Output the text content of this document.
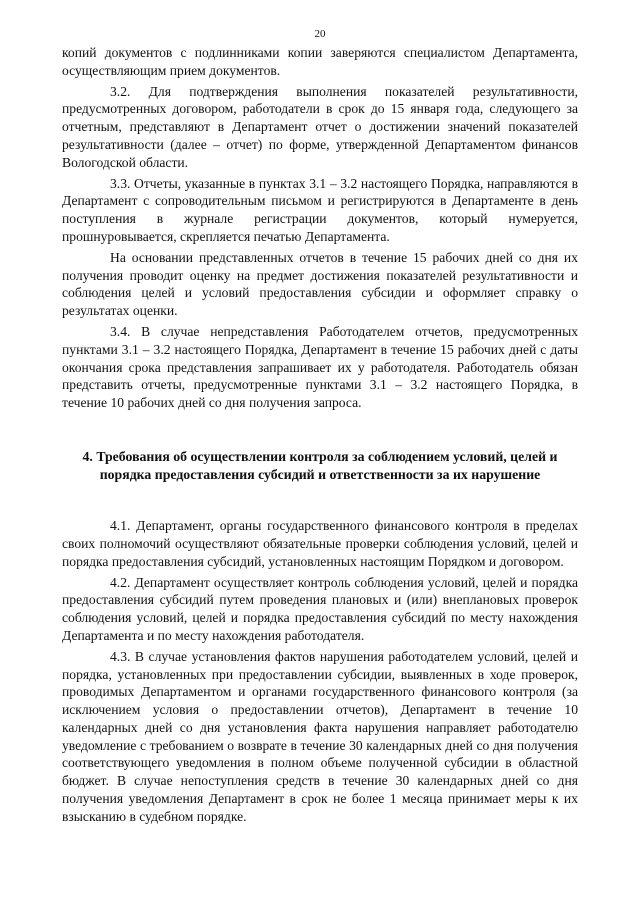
20

копий документов с подлинниками копии заверяются специалистом Департамента, осуществляющим прием документов.

3.2. Для подтверждения выполнения показателей результативности, предусмотренных договором, работодатели в срок до 15 января года, следующего за отчетным, представляют в Департамент отчет о достижении значений показателей результативности (далее – отчет) по форме, утвержденной Департаментом финансов Вологодской области.

3.3. Отчеты, указанные в пунктах 3.1 – 3.2 настоящего Порядка, направляются в Департамент с сопроводительным письмом и регистрируются в Департаменте в день поступления в журнале регистрации документов, который нумеруется, прошнуровывается, скрепляется печатью Департамента.

На основании представленных отчетов в течение 15 рабочих дней со дня их получения проводит оценку на предмет достижения показателей результативности и соблюдения целей и условий предоставления субсидии и оформляет справку о результатах оценки.

3.4. В случае непредставления Работодателем отчетов, предусмотренных пунктами 3.1 – 3.2 настоящего Порядка, Департамент в течение 15 рабочих дней с даты окончания срока представления запрашивает их у работодателя. Работодатель обязан представить отчеты, предусмотренные пунктами 3.1 – 3.2 настоящего Порядка, в течение 10 рабочих дней со дня получения запроса.

4. Требования об осуществлении контроля за соблюдением условий, целей и порядка предоставления субсидий и ответственности за их нарушение

4.1. Департамент, органы государственного финансового контроля в пределах своих полномочий осуществляют обязательные проверки соблюдения условий, целей и порядка предоставления субсидий, установленных настоящим Порядком и договором.

4.2. Департамент осуществляет контроль соблюдения условий, целей и порядка предоставления субсидий путем проведения плановых и (или) внеплановых проверок соблюдения условий, целей и порядка предоставления субсидий по месту нахождения Департамента и по месту нахождения работодателя.

4.3. В случае установления фактов нарушения работодателем условий, целей и порядка, установленных при предоставлении субсидии, выявленных в ходе проверок, проводимых Департаментом и органами государственного финансового контроля (за исключением условия о предоставлении отчетов), Департамент в течение 10 календарных дней со дня установления факта нарушения направляет работодателю уведомление с требованием о возврате в течение 30 календарных дней со дня получения соответствующего уведомления в полном объеме полученной субсидии в областной бюджет. В случае непоступления средств в течение 30 календарных дней со дня получения уведомления Департамент в срок не более 1 месяца принимает меры к их взысканию в судебном порядке.
